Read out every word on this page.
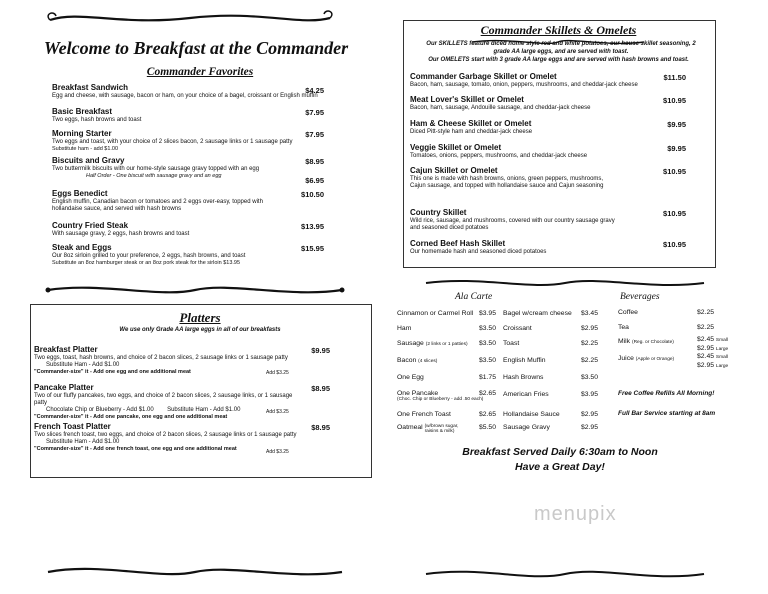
Welcome to Breakfast at the Commander
Commander Favorites
Breakfast Sandwich
Egg and cheese, with sausage, bacon or ham, on your choice of a bagel, croissant or English muffin
$4.25
Basic Breakfast
Two eggs, hash browns and toast
$7.95
Morning Starter
Two eggs and toast, with your choice of 2 slices bacon, 2 sausage links or 1 sausage patty
Substitute ham - add $1.00
$7.95
Biscuits and Gravy
Two buttermilk biscuits with our home-style sausage gravy topped with an egg
Half Order - One biscuit with sausage gravy and an egg
$8.95
$6.95
Eggs Benedict
English muffin, Canadian bacon or tomatoes and 2 eggs over-easy, topped with hollandaise sauce, and served with hash browns
$10.50
Country Fried Steak
With sausage gravy, 2 eggs, hash browns and toast
$13.95
Steak and Eggs
Our 8oz sirloin grilled to your preference, 2 eggs, hash browns, and toast
Substitute an 8oz hamburger steak or an 8oz pork steak for the sirloin $13.95
$15.95
Platters
We use only Grade AA large eggs in all of our breakfasts
Breakfast Platter
Two eggs, toast, hash browns, and choice of 2 bacon slices, 2 sausage links or 1 sausage patty
Substitute Ham - Add $1.00
"Commander-size" it - Add one egg and one additional meat
$9.95
Add $3.25
Pancake Platter
Two of our fluffy pancakes, two eggs, and choice of 2 bacon slices, 2 sausage links, or 1 sausage patty
Chocolate Chip or Blueberry - Add $1.00        Substitute Ham - Add $1.00
"Commander-size" it - Add one pancake, one egg and one additional meat
$8.95
Add $3.25
French Toast Platter
Two slices french toast, two eggs, and choice of 2 bacon slices, 2 sausage links or 1 sausage patty
Substitute Ham - Add $1.00
"Commander-size" it - Add one french toast, one egg and one additional meat
$8.95
Add $3.25
Commander Skillets & Omelets
Our SKILLETS feature diced home style red and white potatoes, our house skillet seasoning, 2 grade AA large eggs, and are served with toast.
Our OMELETS start with 3 grade AA large eggs and are served with hash browns and toast.
Commander Garbage Skillet or Omelet
Bacon, ham, sausage, tomato, onion, peppers, mushrooms, and cheddar-jack cheese
$11.50
Meat Lover's Skillet or Omelet
Bacon, ham, sausage, Andouille sausage, and cheddar-jack cheese
$10.95
Ham & Cheese Skillet or Omelet
Diced Pitt-style ham and cheddar-jack cheese
$9.95
Veggie Skillet or Omelet
Tomatoes, onions, peppers, mushrooms, and cheddar-jack cheese
$9.95
Cajun Skillet or Omelet
This one is made with hash browns, onions, green peppers, mushrooms, Cajun sausage, and topped with hollandaise sauce and Cajun seasoning
$10.95
Country Skillet
Wild rice, sausage, and mushrooms, covered with our country sausage gravy and seasoned diced potatoes
$10.95
Corned Beef Hash Skillet
Our homemade hash and seasoned diced potatoes
$10.95
Ala Carte
Cinnamon or Carmel Roll $3.95
Ham	$3.50
Sausage (2 links or 1 patties)	$3.50
Bacon (4 slices)	$3.50
One Egg	$1.75
One Pancake
(Choc. Chip or Blueberry - add .50 each)
$2.65
One French Toast	$2.65
Oatmeal (w/brown sugar, raisins & milk)
$5.50
Bagel w/cream cheese	$3.45
Croissant	$2.95
Toast	$2.25
English Muffin	$2.25
Hash Browns	$3.50
American Fries	$3.95
Hollandaise Sauce	$2.95
Sausage Gravy	$2.95
Beverages
Coffee	$2.25
Tea	$2.25
Milk (Reg. or Chocolate)	$2.45 Small
$2.95 Large
Juice (Apple or Orange)	$2.45 Small
$2.95 Large
Free Coffee Refills All Morning!
Full Bar Service starting at 8am
Breakfast Served Daily 6:30am to Noon
Have a Great Day!
menupix
